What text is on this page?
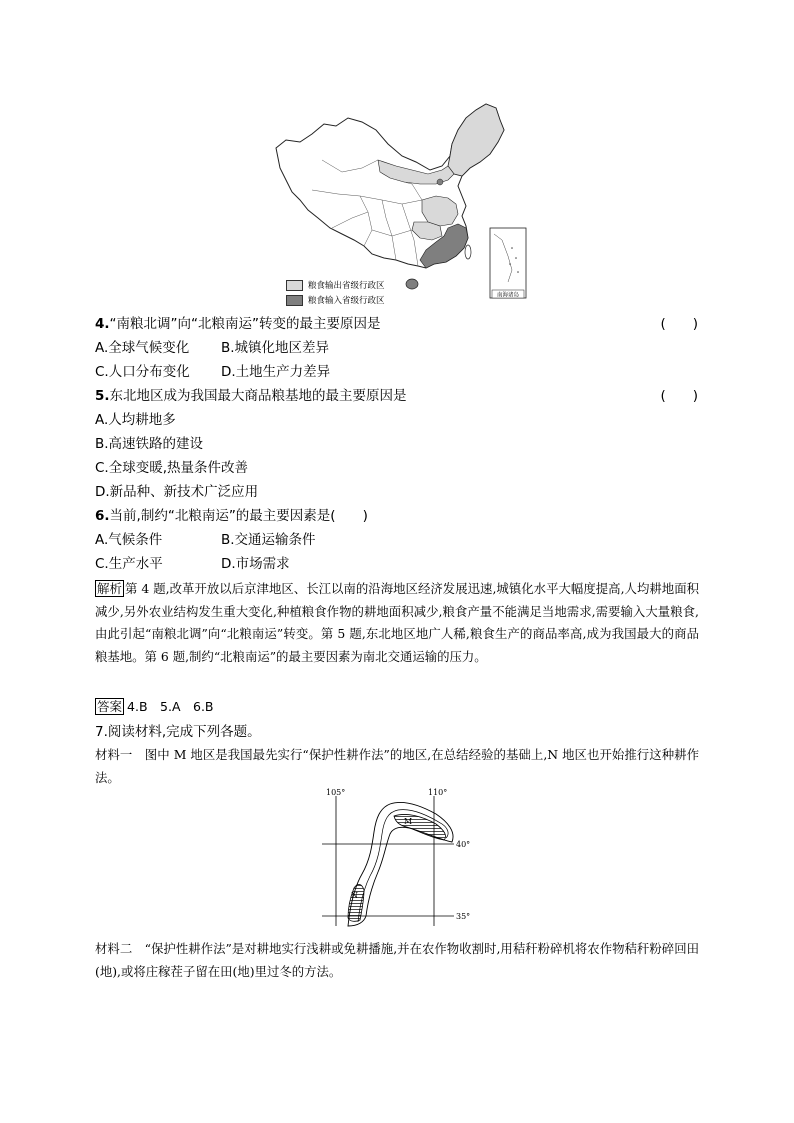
南海诸岛
粮食输出省级行政区
粮食输入省级行政区
4.“南粮北调”向“北粮南运”转变的最主要原因是	(　　)
A.全球气候变化 B.城镇化地区差异
C.人口分布变化 D.土地生产力差异
5.东北地区成为我国最大商品粮基地的最主要原因是	(　　)
A.人均耕地多
B.高速铁路的建设
C.全球变暖,热量条件改善
D.新品种、新技术广泛应用
6.当前,制约“北粮南运”的最主要因素是(　　)
A.气候条件	B.交通运输条件
C.生产水平	D.市场需求
解析 第 4 题,改革开放以后京津地区、长江以南的沿海地区经济发展迅速,城镇化水平大幅度提高,人均耕地面积减少,另外农业结构发生重大变化,种植粮食作物的耕地面积减少,粮食产量不能满足当地需求,需要输入大量粮食,由此引起“南粮北调”向“北粮南运”转变。第 5 题,东北地区地广人稀,粮食生产的商品率高,成为我国最大的商品粮基地。第 6 题,制约“北粮南运”的最主要因素为南北交通运输的压力。
答案 4.B　5.A　6.B
7.阅读材料,完成下列各题。
材料一　图中 M 地区是我国最先实行“保护性耕作法”的地区,在总结经验的基础上,N 地区也开始推行这种耕作法。
105°	110°
40°
35°
M
N
材料二　“保护性耕作法”是对耕地实行浅耕或免耕播施,并在农作物收割时,用秸秆粉碎机将农作物秸秆粉碎回田(地),或将庄稼茬子留在田(地)里过冬的方法。
